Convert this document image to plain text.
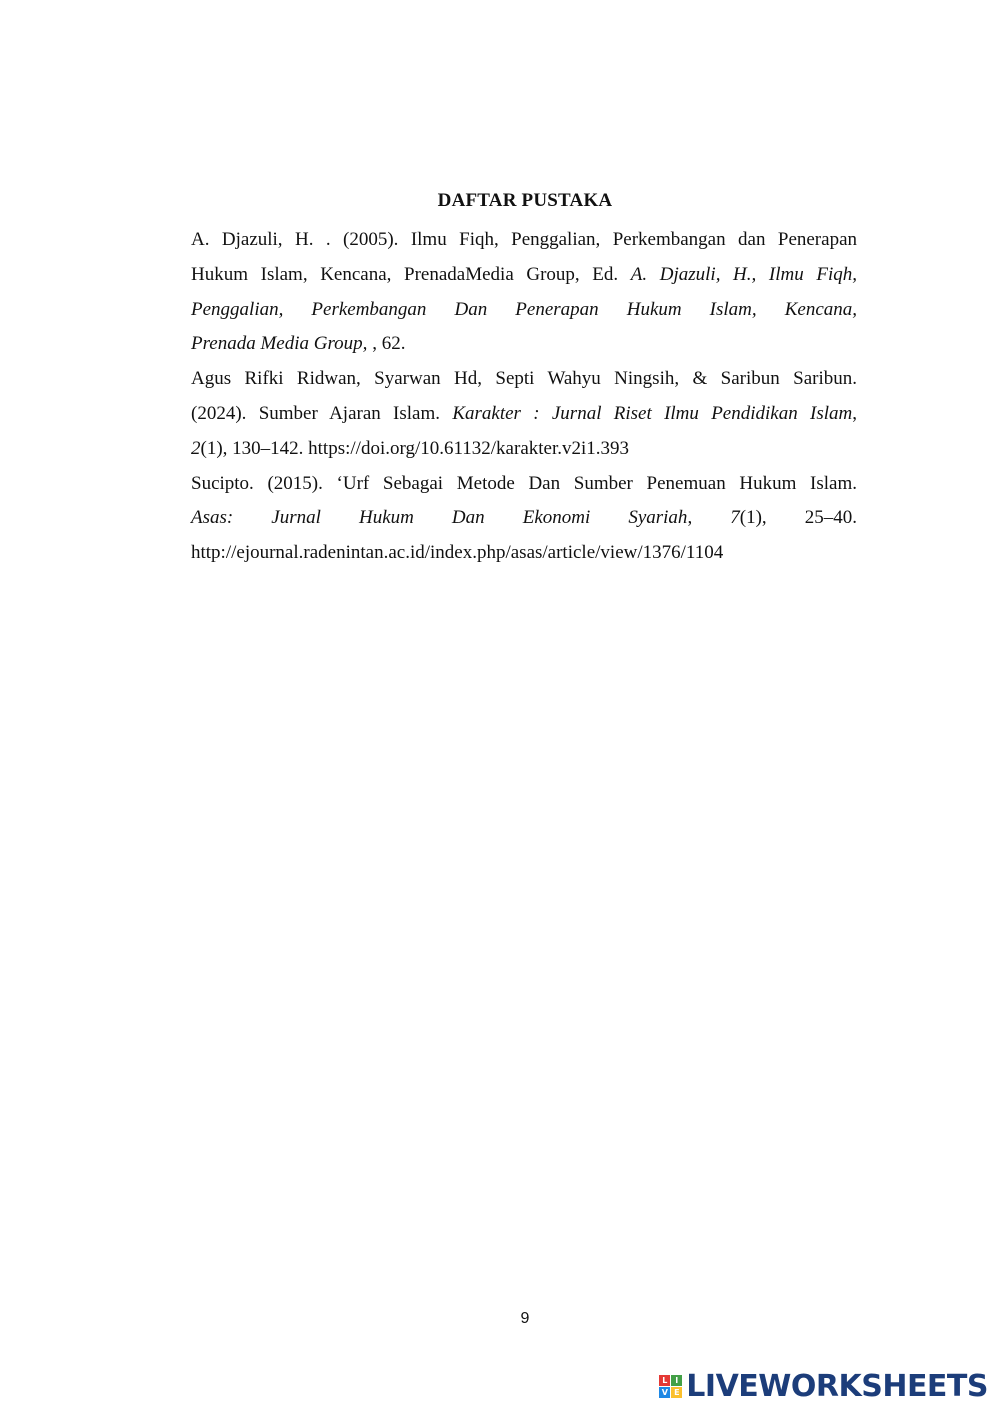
DAFTAR PUSTAKA

A. Djazuli, H. . (2005). Ilmu Fiqh, Penggalian, Perkembangan dan Penerapan
Hukum Islam, Kencana, PrenadaMedia Group, Ed. A. Djazuli, H., Ilmu Fiqh,
Penggalian, Perkembangan Dan Penerapan Hukum Islam, Kencana,
Prenada Media Group, , 62.

Agus Rifki Ridwan, Syarwan Hd, Septi Wahyu Ningsih, & Saribun Saribun.
(2024). Sumber Ajaran Islam. Karakter : Jurnal Riset Ilmu Pendidikan Islam,
2(1), 130–142. https://doi.org/10.61132/karakter.v2i1.393

Sucipto. (2015). ‘Urf Sebagai Metode Dan Sumber Penemuan Hukum Islam.
Asas: Jurnal Hukum Dan Ekonomi Syariah, 7(1), 25–40.
http://ejournal.radenintan.ac.id/index.php/asas/article/view/1376/1104

9
L I
V E LIVEWORKSHEETS
